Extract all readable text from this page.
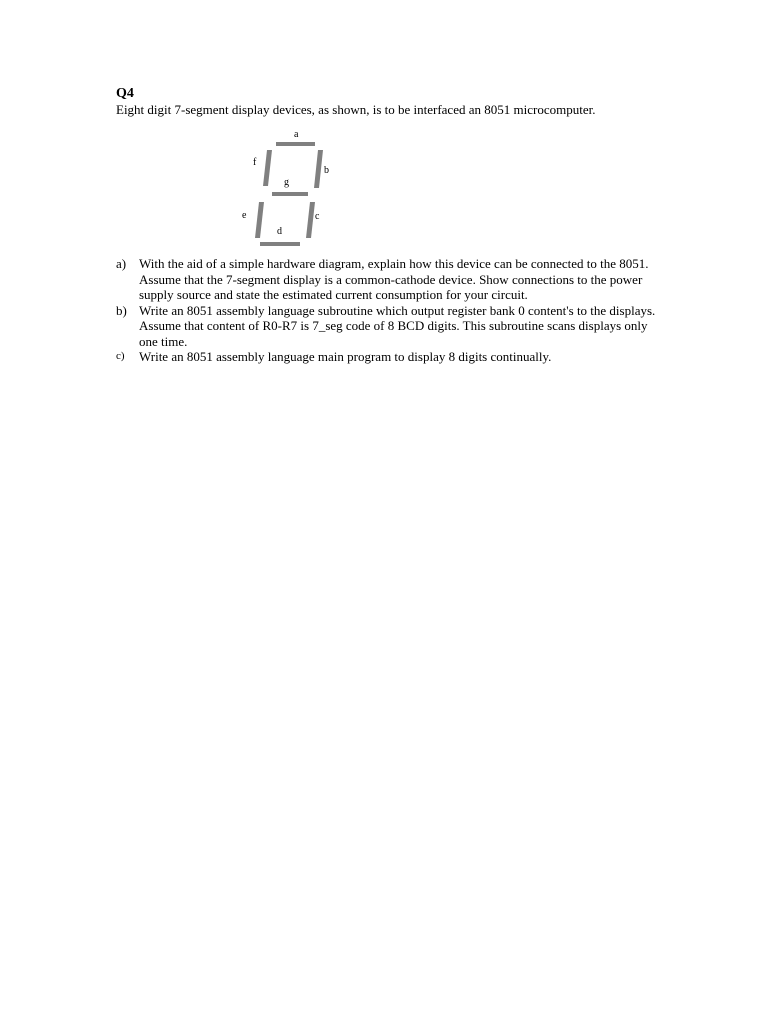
Q4
Eight digit 7-segment display devices, as shown, is to be interfaced an 8051 microcomputer.
a
f
b
g
e	c
d
a) With the aid of a simple hardware diagram, explain how this device can be connected to the 8051. Assume that the 7-segment display is a common-cathode device. Show connections to the power supply source and state the estimated current consumption for your circuit.
b) Write an 8051 assembly language subroutine which output register bank 0 content's to the displays. Assume that content of R0-R7 is 7_seg code of 8 BCD digits. This subroutine scans displays only one time.
c) Write an 8051 assembly language main program to display 8 digits continually.
